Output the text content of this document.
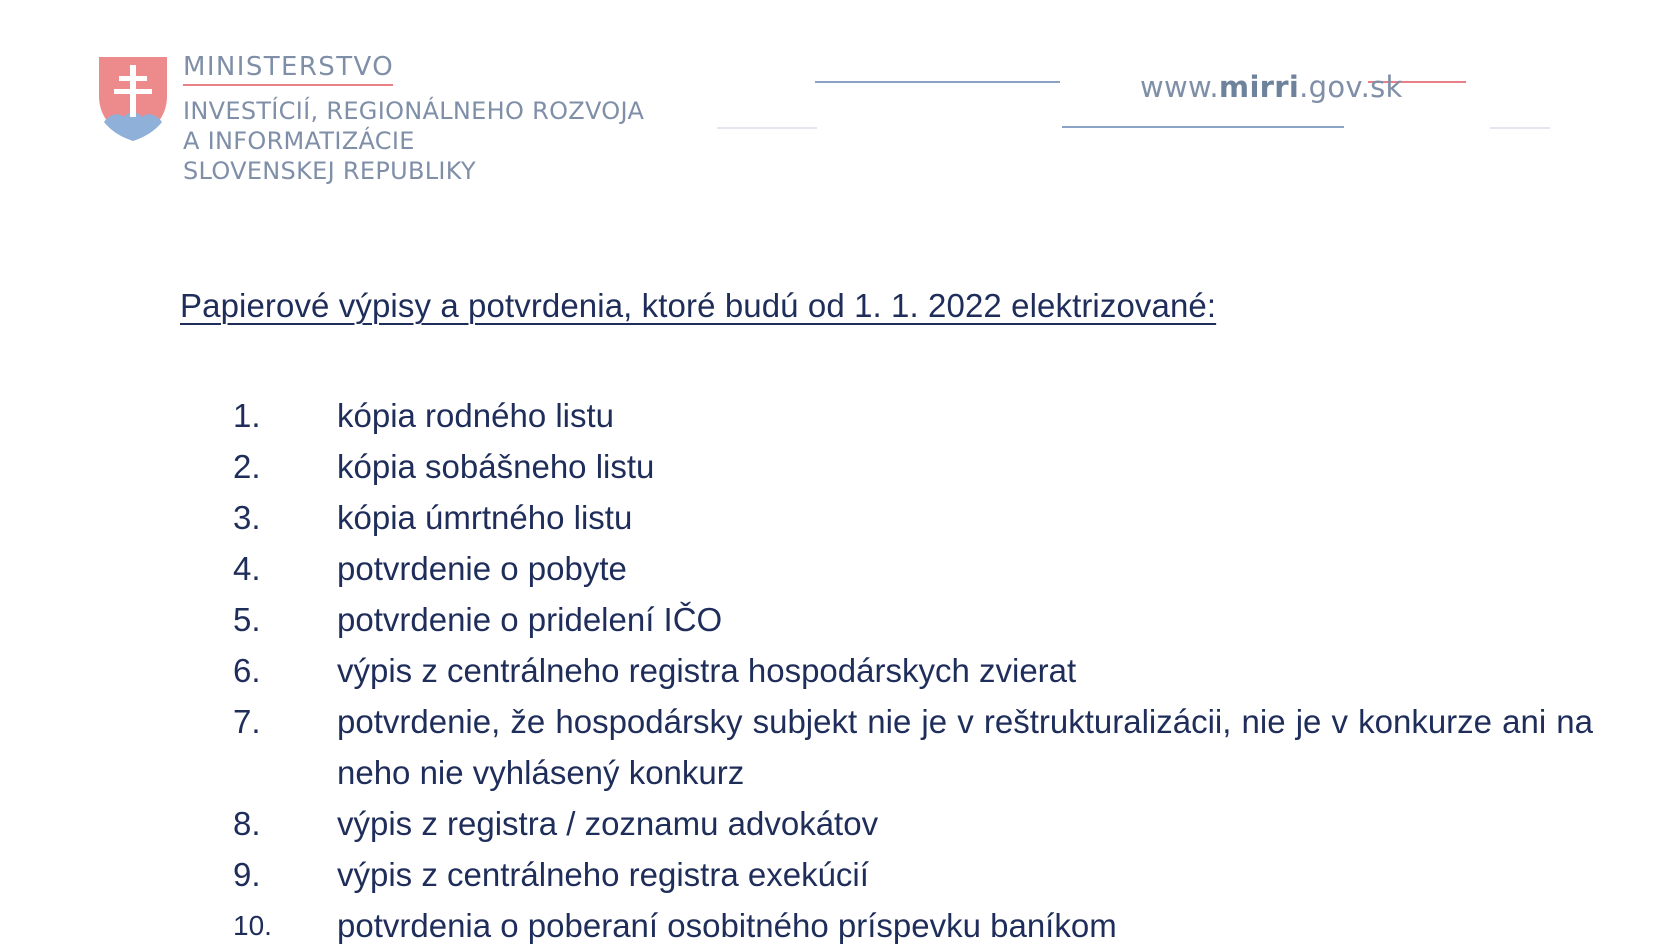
MINISTERSTVO
INVESTÍCIÍ, REGIONÁLNEHO ROZVOJA
A INFORMATIZÁCIE
SLOVENSKEJ REPUBLIKY
www.mirri.gov.sk
Papierové výpisy a potvrdenia, ktoré budú od 1. 1. 2022 elektrizované:
1.	kópia rodného listu
2.	kópia sobášneho listu
3.	kópia úmrtného listu
4.	potvrdenie o pobyte
5.	potvrdenie o pridelení IČO
6.	výpis z centrálneho registra hospodárskych zvierat
7.	potvrdenie, že hospodársky subjekt nie je v reštrukturalizácii, nie je v konkurze ani na neho nie vyhlásený konkurz
8.	výpis z registra / zoznamu advokátov
9.	výpis z centrálneho registra exekúcií
10.	potvrdenia o poberaní osobitného príspevku baníkom
